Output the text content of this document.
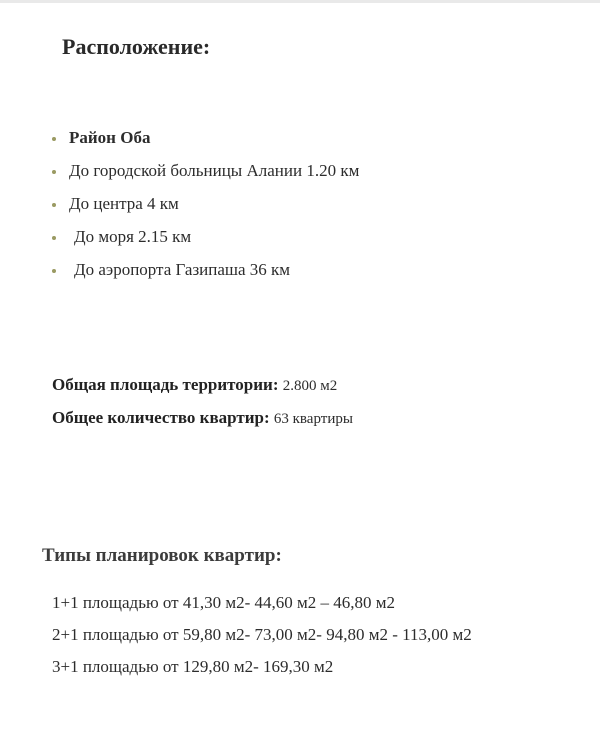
Расположение:
Район Оба
До городской больницы Алании 1.20 км
До центра 4 км
До моря 2.15 км
До аэропорта Газипаша 36 км
Общая площадь территории: 2.800 м2
Общее количество квартир: 63 квартиры
Типы планировок квартир:
1+1 площадью от 41,30 м2- 44,60 м2 – 46,80 м2
2+1 площадью от 59,80 м2- 73,00 м2- 94,80 м2 - 113,00 м2
3+1 площадью от 129,80 м2- 169,30 м2
